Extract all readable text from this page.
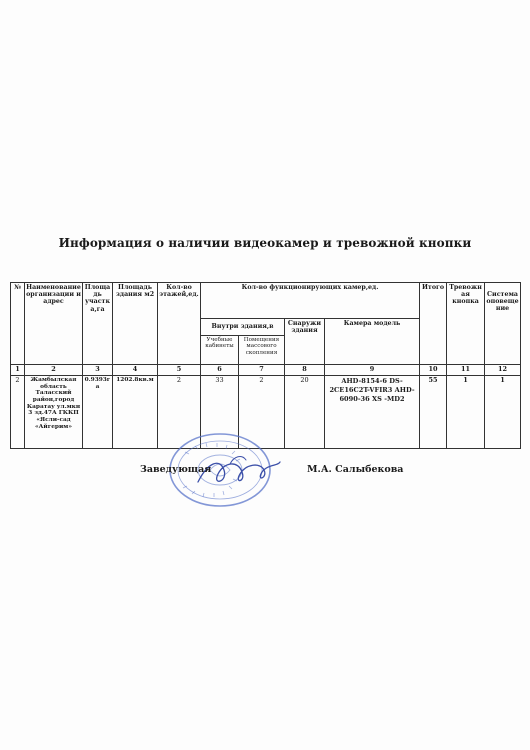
Информация о наличии видеокамер и тревожной кнопки
№	Наименование организации и адрес	Площадь участка,га	Площадь здания м2	Кол-во этажей,ед.	Кол-во функционирующих камер,ед.				Итого	Тревожная кнопка	Система оповещение
					Внутри здания,в		Снаружи здания	Камера модель			
					Учебные кабинеты	Помещения массового скопления					
1	2	3	4	5	6	7	8	9	10	11	12
2	Жамбылская область Таласский район,город Каратау ул.мкн 3 зд.47А ГККП «Ясли-сад «Айгерим»	0.9393га	1202.8кв.м	2	33	2	20	AHD-8154-6 DS-2CE16C2T-VFIR3 AHD-6090-36 XS -MD2	55	1	1
Заведующая	М.А. Салыбекова
